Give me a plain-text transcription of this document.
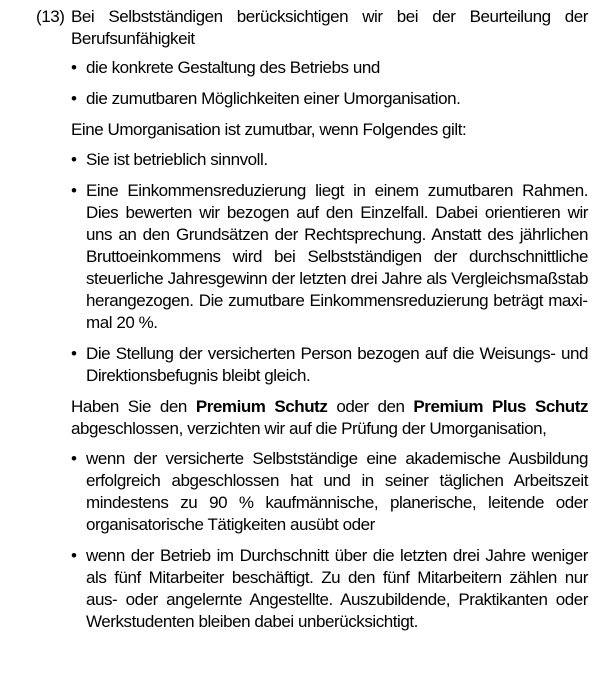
(13) Bei Selbstständigen berücksichtigen wir bei der Beurteilung der Berufsunfähigkeit

• die konkrete Gestaltung des Betriebs und
• die zumutbaren Möglichkeiten einer Umorganisation.

Eine Umorganisation ist zumutbar, wenn Folgendes gilt:

• Sie ist betrieblich sinnvoll.
• Eine Einkommensreduzierung liegt in einem zumutbaren Rahmen. Dies bewerten wir bezogen auf den Einzelfall. Dabei orientieren wir uns an den Grundsätzen der Rechtsprechung. Anstatt des jährlichen Bruttoeinkommens wird bei Selbstständigen der durchschnittliche steuerliche Jahresgewinn der letzten drei Jahre als Vergleichsmaßstab herangezogen. Die zumutbare Einkommensreduzierung beträgt maximal 20 %.
• Die Stellung der versicherten Person bezogen auf die Weisungs- und Direktionsbefugnis bleibt gleich.

Haben Sie den Premium Schutz oder den Premium Plus Schutz abgeschlossen, verzichten wir auf die Prüfung der Umorganisation,

• wenn der versicherte Selbstständige eine akademische Ausbildung erfolgreich abgeschlossen hat und in seiner täglichen Arbeitszeit mindestens zu 90 % kaufmännische, planerische, leitende oder organisatorische Tätigkeiten ausübt oder
• wenn der Betrieb im Durchschnitt über die letzten drei Jahre weniger als fünf Mitarbeiter beschäftigt. Zu den fünf Mitarbeitern zählen nur aus- oder angelernte Angestellte. Auszubildende, Praktikanten oder Werkstudenten bleiben dabei unberücksichtigt.
